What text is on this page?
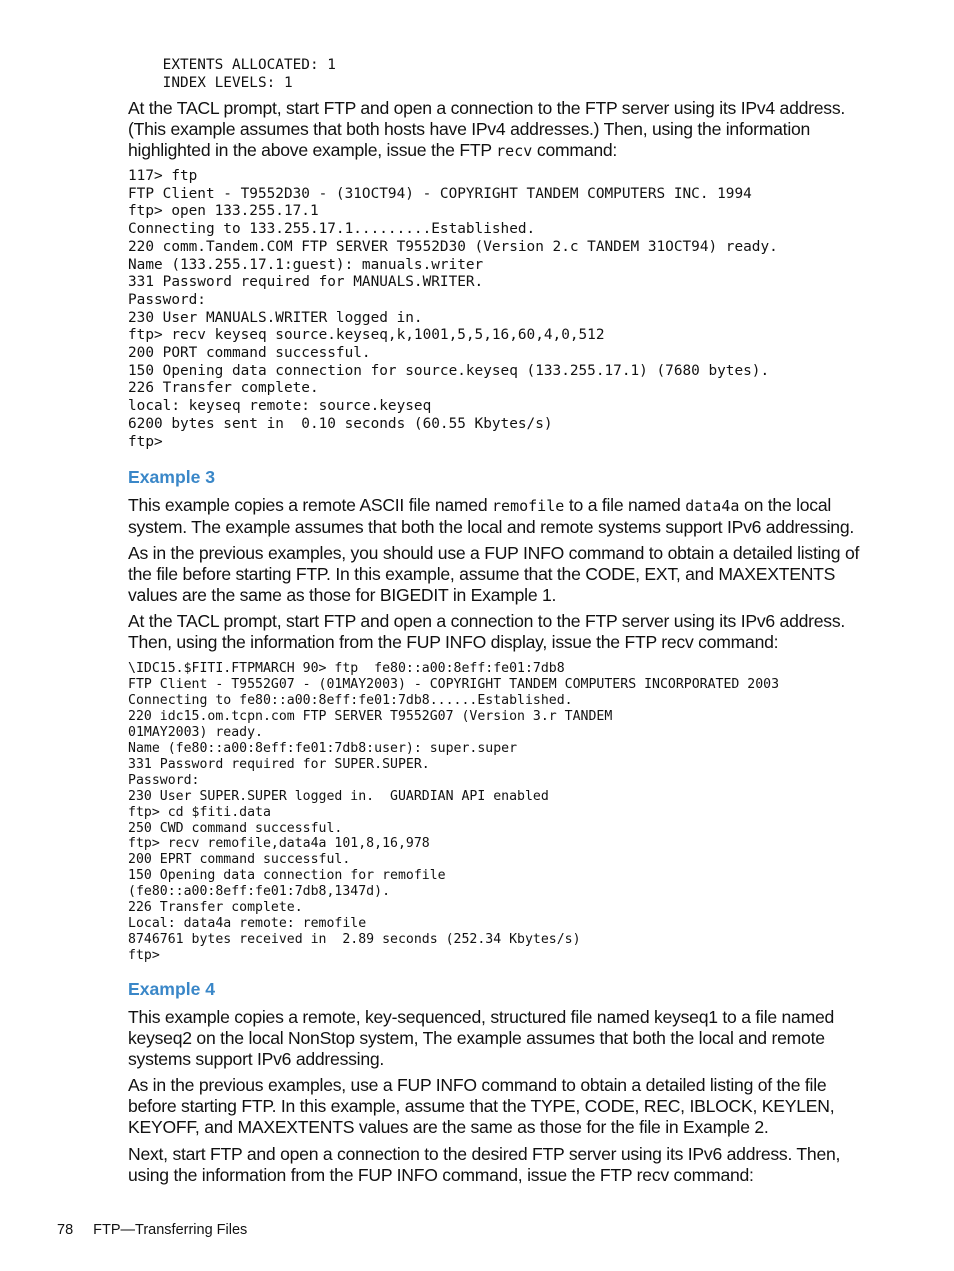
EXTENTS ALLOCATED: 1
INDEX LEVELS: 1

At the TACL prompt, start FTP and open a connection to the FTP server using its IPv4 address. (This example assumes that both hosts have IPv4 addresses.) Then, using the information highlighted in the above example, issue the FTP recv command:

117> ftp
FTP Client - T9552D30 - (31OCT94) - COPYRIGHT TANDEM COMPUTERS INC. 1994
ftp> open 133.255.17.1
Connecting to 133.255.17.1.........Established.
220 comm.Tandem.COM FTP SERVER T9552D30 (Version 2.c TANDEM 31OCT94) ready.
Name (133.255.17.1:guest): manuals.writer
331 Password required for MANUALS.WRITER.
Password:
230 User MANUALS.WRITER logged in.
ftp> recv keyseq source.keyseq,k,1001,5,5,16,60,4,0,512
200 PORT command successful.
150 Opening data connection for source.keyseq (133.255.17.1) (7680 bytes).
226 Transfer complete.
local: keyseq remote: source.keyseq
6200 bytes sent in  0.10 seconds (60.55 Kbytes/s)
ftp>
Example 3

This example copies a remote ASCII file named remofile to a file named data4a on the local system. The example assumes that both the local and remote systems support IPv6 addressing.

As in the previous examples, you should use a FUP INFO command to obtain a detailed listing of the file before starting FTP. In this example, assume that the CODE, EXT, and MAXEXTENTS values are the same as those for BIGEDIT in Example 1.

At the TACL prompt, start FTP and open a connection to the FTP server using its IPv6 address. Then, using the information from the FUP INFO display, issue the FTP recv command:

\IDC15.$FITI.FTPMARCH 90> ftp  fe80::a00:8eff:fe01:7db8
FTP Client - T9552G07 - (01MAY2003) - COPYRIGHT TANDEM COMPUTERS INCORPORATED 2003
Connecting to fe80::a00:8eff:fe01:7db8......Established.
220 idc15.om.tcpn.com FTP SERVER T9552G07 (Version 3.r TANDEM
01MAY2003) ready.
Name (fe80::a00:8eff:fe01:7db8:user): super.super
331 Password required for SUPER.SUPER.
Password:
230 User SUPER.SUPER logged in.  GUARDIAN API enabled
ftp> cd $fiti.data
250 CWD command successful.
ftp> recv remofile,data4a 101,8,16,978
200 EPRT command successful.
150 Opening data connection for remofile
(fe80::a00:8eff:fe01:7db8,1347d).
226 Transfer complete.
Local: data4a remote: remofile
8746761 bytes received in  2.89 seconds (252.34 Kbytes/s)
ftp>
Example 4

This example copies a remote, key-sequenced, structured file named keyseq1 to a file named keyseq2 on the local NonStop system, The example assumes that both the local and remote systems support IPv6 addressing.

As in the previous examples, use a FUP INFO command to obtain a detailed listing of the file before starting FTP. In this example, assume that the TYPE, CODE, REC, IBLOCK, KEYLEN, KEYOFF, and MAXEXTENTS values are the same as those for the file in Example 2.

Next, start FTP and open a connection to the desired FTP server using its IPv6 address. Then, using the information from the FUP INFO command, issue the FTP recv command:

78 FTP—Transferring Files
